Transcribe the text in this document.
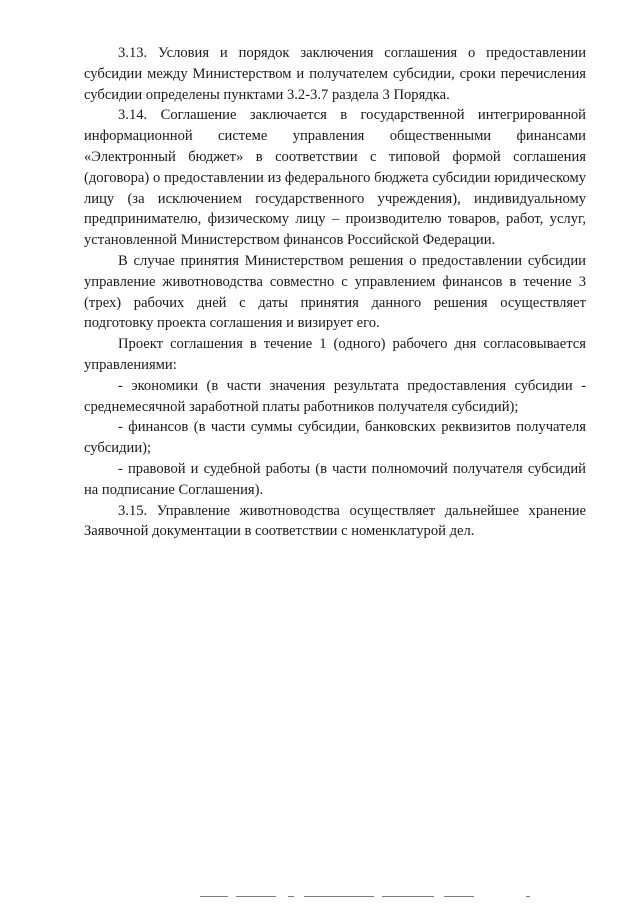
3.13. Условия и порядок заключения соглашения о предоставлении субсидии между Министерством и получателем субсидии, сроки перечисления субсидии определены пунктами 3.2-3.7 раздела 3 Порядка.

3.14. Соглашение заключается в государственной интегрированной информационной системе управления общественными финансами «Электронный бюджет» в соответствии с типовой формой соглашения (договора) о предоставлении из федерального бюджета субсидии юридическому лицу (за исключением государственного учреждения), индивидуальному предпринимателю, физическому лицу – производителю товаров, работ, услуг, установленной Министерством финансов Российской Федерации.

В случае принятия Министерством решения о предоставлении субсидии управление животноводства совместно с управлением финансов в течение 3 (трех) рабочих дней с даты принятия данного решения осуществляет подготовку проекта соглашения и визирует его.

Проект соглашения в течение 1 (одного) рабочего дня согласовывается управлениями:

- экономики (в части значения результата предоставления субсидии - среднемесячной заработной платы работников получателя субсидий);

- финансов (в части суммы субсидии, банковских реквизитов получателя субсидии);

- правовой и судебной работы (в части полномочий получателя субсидий на подписание Соглашения).

3.15. Управление животноводства осуществляет дальнейшее хранение Заявочной документации в соответствии с номенклатурой дел.
